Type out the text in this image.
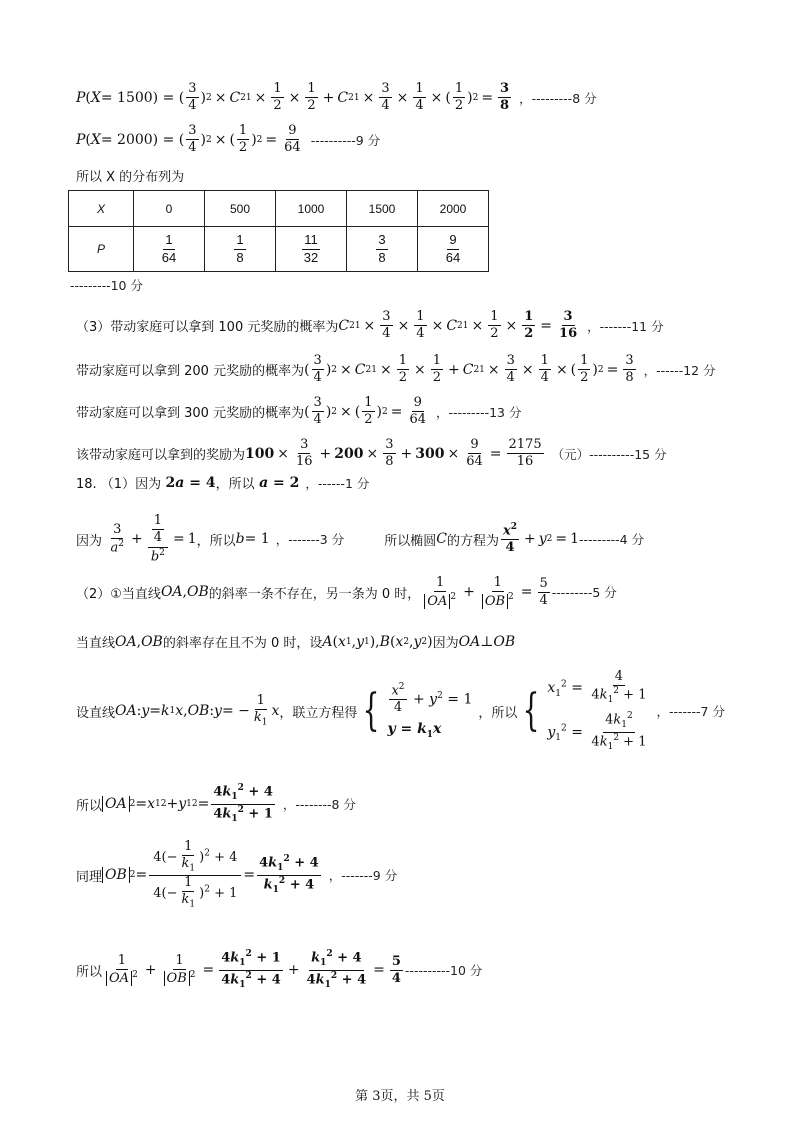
P ( X = 1500) = ( $\frac{3}{4}$ ) 2 × C 2 $1 \times \frac{1}{2} \times \frac{1}{2} + C$ 2 $1 \times \frac{3}{4} \times \frac{1}{4}$ × ( $\frac{1}{2}$ ) $2 = \frac{3}{8}$ ，---------8 分
P ( X = 2000) = ( $\frac{3}{4}$ ) 2 × ( $\frac{1}{2}$ ) $2 = \frac{9}{64} ----------9$ 分
所以 X 的分布列为
X	0	500	1000	1500	2000
P	$\frac{1}{64}$	$\frac{1}{8}$	$\frac{11}{32}$	$\frac{3}{8}$	$\frac{9}{64}$
---------10 分
（3）带动家庭可以拿到 100 元奖励的概率为 C 2 $1 \times \frac{3}{4} \times \frac{1}{4} \times C$ 2 $1 \times \frac{1}{2} \times \frac{1}{2} = \frac{3}{16}$ ，-------11 分
带动家庭可以拿到 200 元奖励的概率为 ( $\frac{3}{4}$ ) 2 × C 2 $1 \times \frac{1}{2} \times \frac{1}{2} + C$ 2 $1 \times \frac{3}{4} \times \frac{1}{4}$ × ( $\frac{1}{2}$ ) $2 = \frac{3}{8}$ ，------12 分
带动家庭可以拿到 300 元奖励的概率为 ( $\frac{3}{4}$ ) 2 × ( $\frac{1}{2}$ ) $2 = \frac{9}{64}$ ，---------13 分
该带动家庭可以拿到的奖励为 $100 \times \frac{3}{16} + 200 \times \frac{3}{8} + 300 \times \frac{9}{64} = \frac{2175}{16}$ （元）----------15 分
18. （1）因为
2a = 4 ，所以
a = 2 ，------1 分
因为
$\frac{3}{a^2} + \frac{\frac{1}{4}}{b^2} = 1$ ，所以 b = 1 ，-------3 分	所以椭圆 C 的方程为 $\frac{x^2}{4} + y$ 2 = 1 ---------4 分
（2）①当直线 OA , OB 的斜率一条不存在，另一条为 0 时， $\frac{1}{OA ^2} + \frac{1}{OB ^2} = \frac{5}{4} ---------5$ 分
当直线 OA , OB 的斜率存在且不为 0 时，设 A ( x 1 , y 1 ), B ( x 2 , y 2 ) 因为 OA ⊥ OB
设直线 OA : y = k 1 x , OB : y = − $\frac{1}{k_1}$ x ，联立方程得 { $\frac{x^2}{4} + y^2 = 1$
$y = k_1x$
，所以 { $x_1^2 = \frac{4}{4k_1^2 + 1}$
$y_1^2 = \frac{4k_1^2}{4k_1^2 + 1}$
，-------7 分
所以 OA 2 = x 1 2 + y 1 $2 = \frac{4k_1^2 + 4}{4k_1^2 + 1}$ ，--------8 分
同理 OB $2 = \frac{4(- \frac{1}{k_1} )^2 + 4}{4(- \frac{1}{k_1} )^2 + 1} = \frac{4k_1^2 + 4}{k_1^2 + 4}$ ，-------9 分
所以 $\frac{1}{OA ^2} + \frac{1}{OB ^2} = \frac{4k_1^2 + 1}{4k_1^2 + 4} + \frac{k_1^2 + 4}{4k_1^2 + 4} = \frac{5}{4} ----------10$ 分
第 3页，共 5页
